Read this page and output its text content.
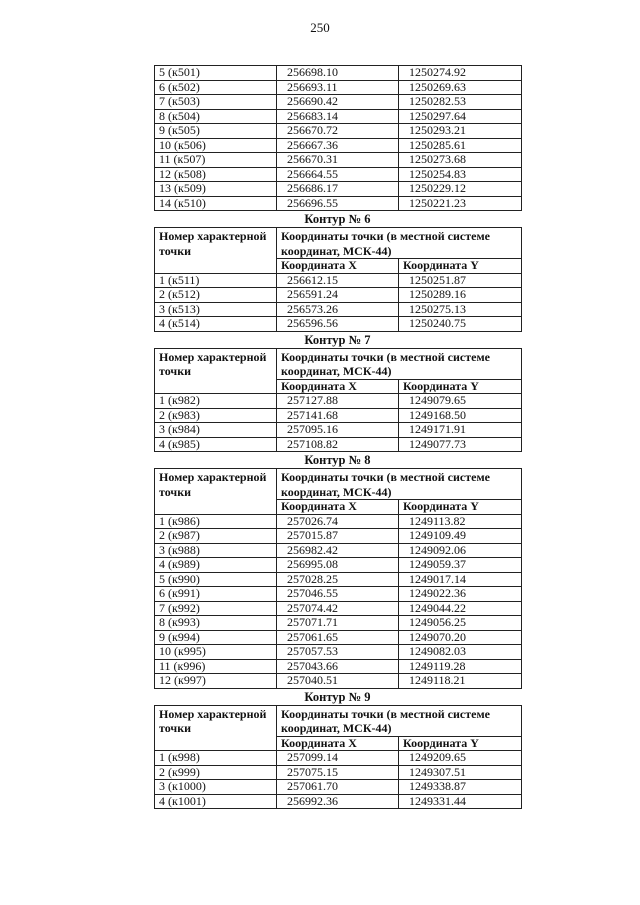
250
5 (к501)	256698.10	1250274.92
6 (к502)	256693.11	1250269.63
7 (к503)	256690.42	1250282.53
8 (к504)	256683.14	1250297.64
9 (к505)	256670.72	1250293.21
10 (к506)	256667.36	1250285.61
11 (к507)	256670.31	1250273.68
12 (к508)	256664.55	1250254.83
13 (к509)	256686.17	1250229.12
14 (к510)	256696.55	1250221.23
Контур № 6
Номер характерной точки	Координаты точки (в местной системе координат, МСК-44)	
	Координата X	Координата Y
1 (к511)	256612.15	1250251.87
2 (к512)	256591.24	1250289.16
3 (к513)	256573.26	1250275.13
4 (к514)	256596.56	1250240.75
Контур № 7
Номер характерной точки	Координаты точки (в местной системе координат, МСК-44)	
	Координата X	Координата Y
1 (к982)	257127.88	1249079.65
2 (к983)	257141.68	1249168.50
3 (к984)	257095.16	1249171.91
4 (к985)	257108.82	1249077.73
Контур № 8
Номер характерной точки	Координаты точки (в местной системе координат, МСК-44)	
	Координата X	Координата Y
1 (к986)	257026.74	1249113.82
2 (к987)	257015.87	1249109.49
3 (к988)	256982.42	1249092.06
4 (к989)	256995.08	1249059.37
5 (к990)	257028.25	1249017.14
6 (к991)	257046.55	1249022.36
7 (к992)	257074.42	1249044.22
8 (к993)	257071.71	1249056.25
9 (к994)	257061.65	1249070.20
10 (к995)	257057.53	1249082.03
11 (к996)	257043.66	1249119.28
12 (к997)	257040.51	1249118.21
Контур № 9
Номер характерной точки	Координаты точки (в местной системе координат, МСК-44)	
	Координата X	Координата Y
1 (к998)	257099.14	1249209.65
2 (к999)	257075.15	1249307.51
3 (к1000)	257061.70	1249338.87
4 (к1001)	256992.36	1249331.44
